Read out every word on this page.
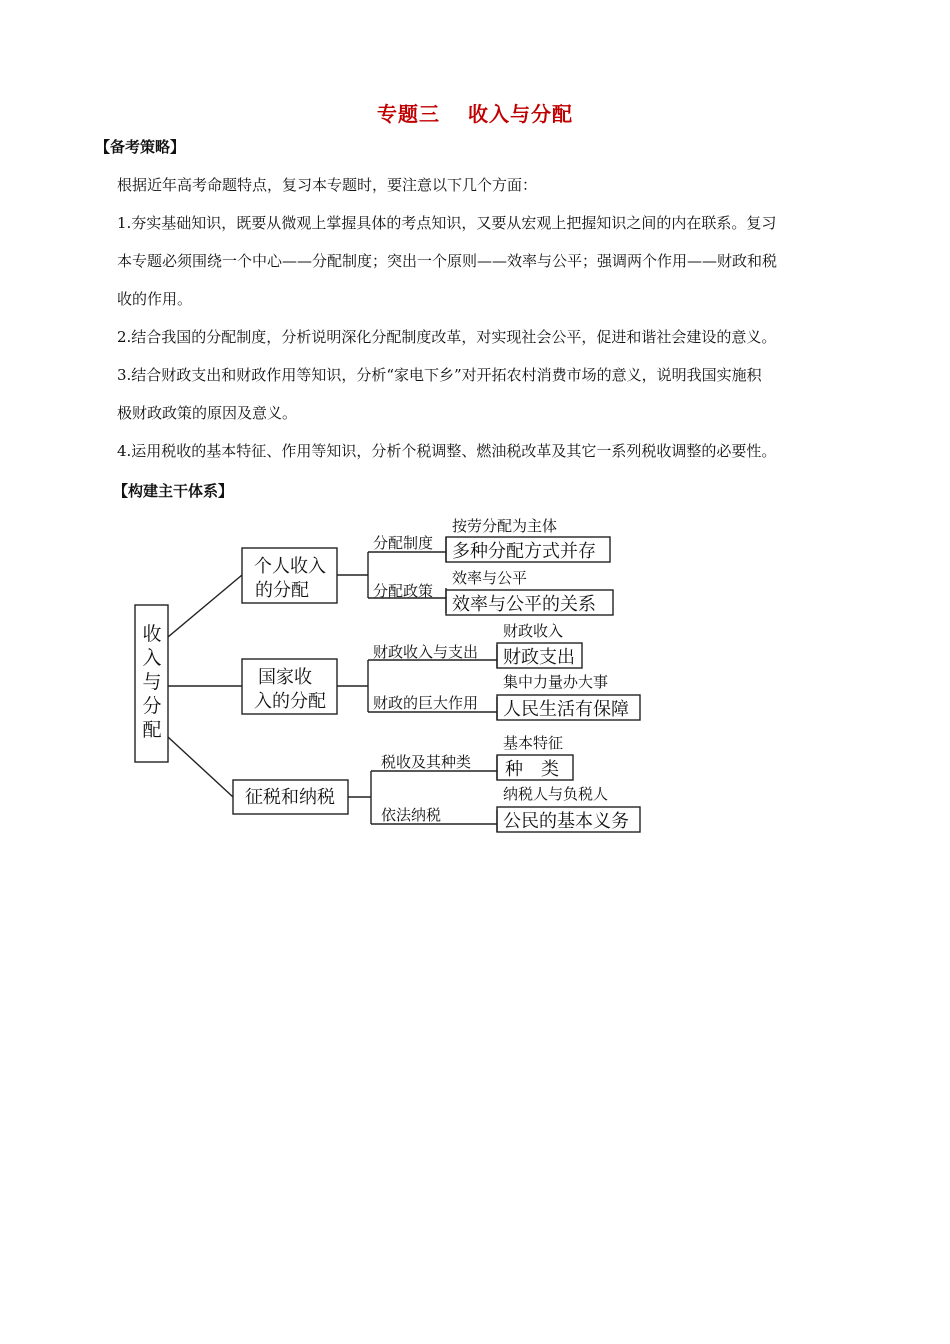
专题三 收入与分配
【备考策略】

根据近年高考命题特点，复习本专题时，要注意以下几个方面：

1.夯实基础知识，既要从微观上掌握具体的考点知识，又要从宏观上把握知识之间的内在联系。复习

本专题必须围绕一个中心——分配制度；突出一个原则——效率与公平；强调两个作用——财政和税

收的作用。

2.结合我国的分配制度，分析说明深化分配制度改革，对实现社会公平，促进和谐社会建设的意义。

3.结合财政支出和财政作用等知识，分析“家电下乡”对开拓农村消费市场的意义，说明我国实施积

极财政政策的原因及意义。

4.运用税收的基本特征、作用等知识，分析个税调整、燃油税改革及其它一系列税收调整的必要性。

【构建主干体系】
收
入
与
分
配
个人收入
的分配
国家收
入的分配
征税和纳税
分配制度
分配政策
财政收入与支出
财政的巨大作用
税收及其种类
依法纳税
按劳分配为主体
效率与公平
财政收入
集中力量办大事
基本特征
纳税人与负税人
多种分配方式并存
效率与公平的关系
财政支出
人民生活有保障
种　类
公民的基本义务
